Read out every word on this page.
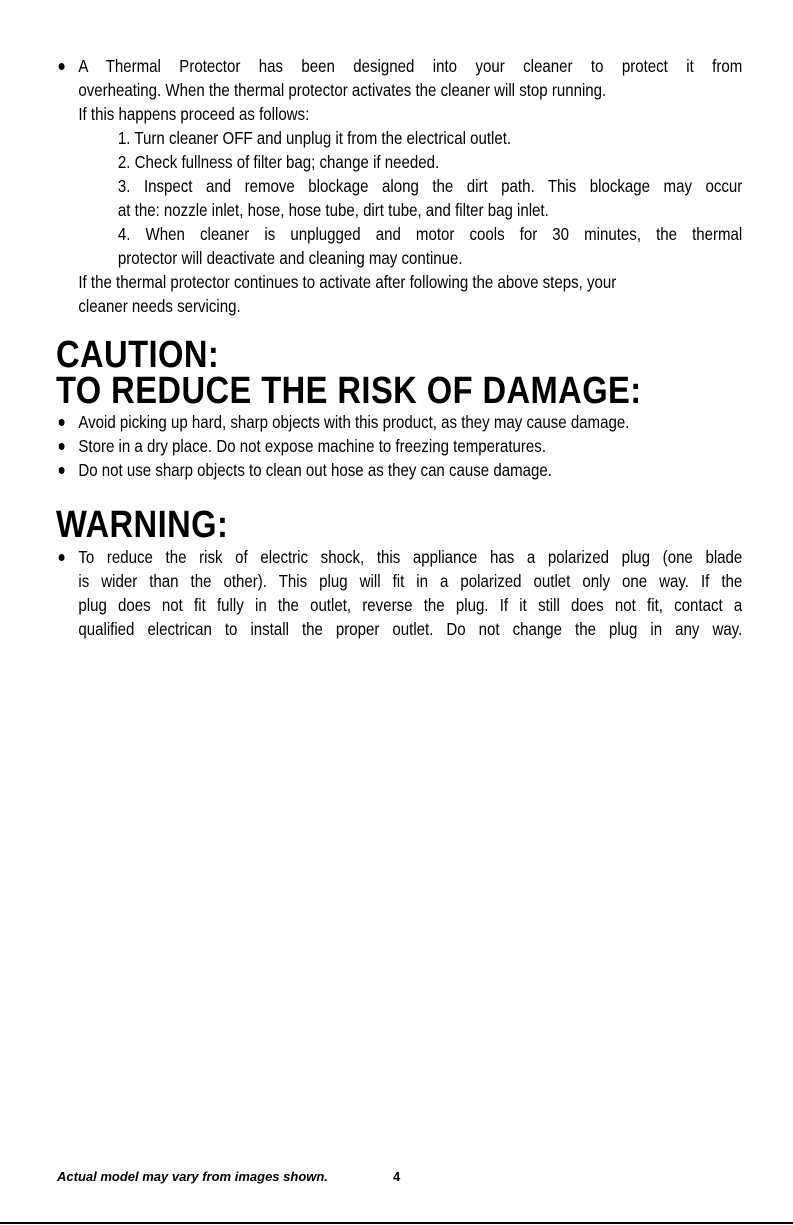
A Thermal Protector has been designed into your cleaner to protect it from
overheating. When the thermal protector activates the cleaner will stop running.
If this happens proceed as follows:
1. Turn cleaner OFF and unplug it from the electrical outlet.
2. Check fullness of filter bag; change if needed.
3. Inspect and remove blockage along the dirt path. This blockage may occur
at the: nozzle inlet, hose, hose tube, dirt tube, and filter bag inlet.
4. When cleaner is unplugged and motor cools for 30 minutes, the thermal
protector will deactivate and cleaning may continue.
If the thermal protector continues to activate after following the above steps, your
cleaner needs servicing.
CAUTION:
TO REDUCE THE RISK OF DAMAGE:
Avoid picking up hard, sharp objects with this product, as they may cause damage.
Store in a dry place. Do not expose machine to freezing temperatures.
Do not use sharp objects to clean out hose as they can cause damage.
WARNING:
To reduce the risk of electric shock, this appliance has a polarized plug (one blade
is wider than the other). This plug will fit in a polarized outlet only one way. If the
plug does not fit fully in the outlet, reverse the plug. If it still does not fit, contact a
qualified electrican to install the proper outlet. Do not change the plug in any way.
Actual model may vary from images shown.	4
